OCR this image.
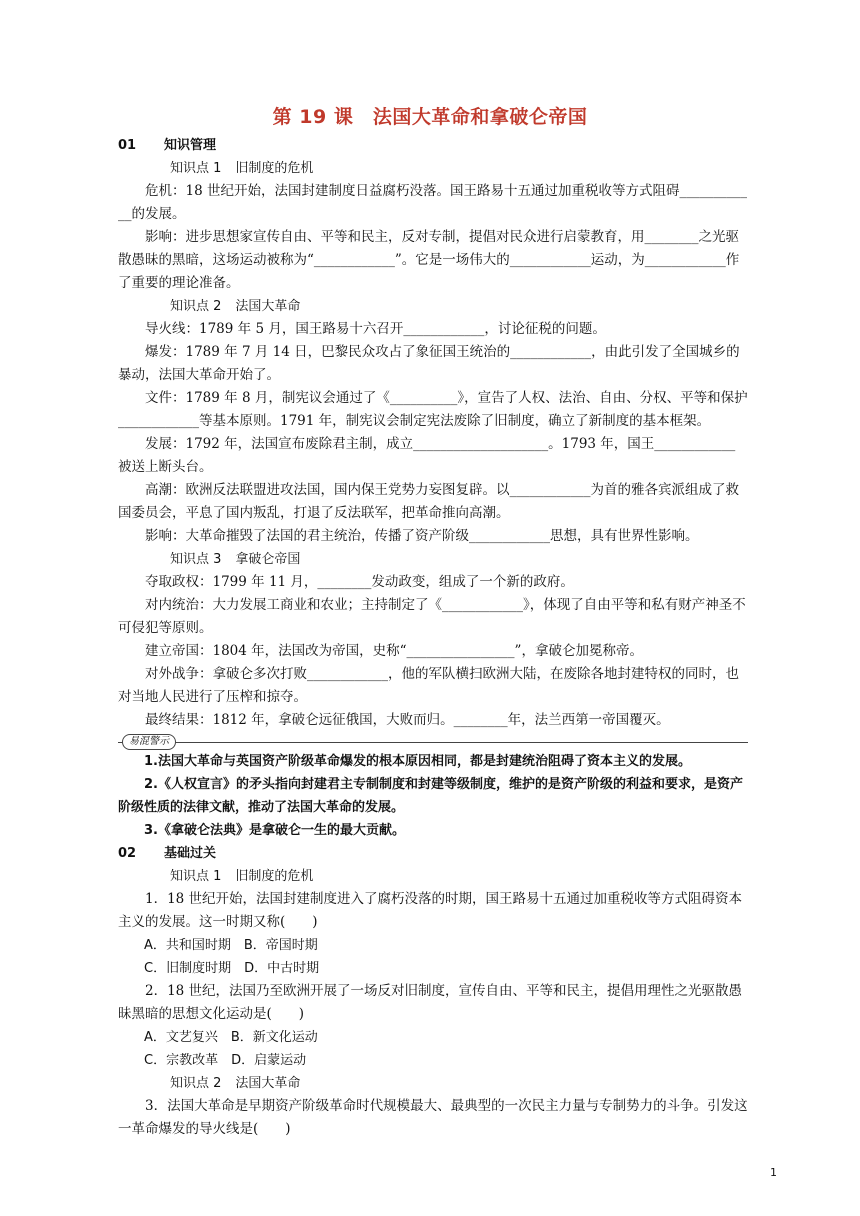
第 19 课　法国大革命和拿破仑帝国

01 知识管理

知识点 1 旧制度的危机

危机：18 世纪开始，法国封建制度日益腐朽没落。国王路易十五通过加重税收等方式阻碍____________的发展。

影响：进步思想家宣传自由、平等和民主，反对专制，提倡对民众进行启蒙教育，用________之光驱散愚昧的黑暗，这场运动被称为“____________”。它是一场伟大的____________运动，为____________作了重要的理论准备。

知识点 2 法国大革命

导火线：1789 年 5 月，国王路易十六召开____________，讨论征税的问题。

爆发：1789 年 7 月 14 日，巴黎民众攻占了象征国王统治的____________，由此引发了全国城乡的暴动，法国大革命开始了。

文件：1789 年 8 月，制宪议会通过了《__________》，宣告了人权、法治、自由、分权、平等和保护____________等基本原则。1791 年，制宪议会制定宪法废除了旧制度，确立了新制度的基本框架。

发展：1792 年，法国宣布废除君主制，成立____________________。1793 年，国王____________被送上断头台。

高潮：欧洲反法联盟进攻法国，国内保王党势力妄图复辟。以____________为首的雅各宾派组成了救国委员会，平息了国内叛乱，打退了反法联军，把革命推向高潮。

影响：大革命摧毁了法国的君主统治，传播了资产阶级____________思想，具有世界性影响。

知识点 3 拿破仑帝国

夺取政权：1799 年 11 月，________发动政变，组成了一个新的政府。

对内统治：大力发展工商业和农业；主持制定了《____________》，体现了自由平等和私有财产神圣不可侵犯等原则。

建立帝国：1804 年，法国改为帝国，史称“________________”，拿破仑加冕称帝。

对外战争：拿破仑多次打败____________，他的军队横扫欧洲大陆，在废除各地封建特权的同时，也对当地人民进行了压榨和掠夺。

最终结果：1812 年，拿破仑远征俄国，大败而归。________年，法兰西第一帝国覆灭。

易混警示

1.法国大革命与英国资产阶级革命爆发的根本原因相同，都是封建统治阻碍了资本主义的发展。

2.《人权宣言》的矛头指向封建君主专制制度和封建等级制度，维护的是资产阶级的利益和要求，是资产阶级性质的法律文献，推动了法国大革命的发展。

3.《拿破仑法典》是拿破仑一生的最大贡献。

02 基础过关

知识点 1 旧制度的危机

1．18 世纪开始，法国封建制度进入了腐朽没落的时期，国王路易十五通过加重税收等方式阻碍资本主义的发展。这一时期又称(　　)

A．共和国时期　B．帝国时期

C．旧制度时期　D．中古时期

2．18 世纪，法国乃至欧洲开展了一场反对旧制度，宣传自由、平等和民主，提倡用理性之光驱散愚昧黑暗的思想文化运动是(　　)

A．文艺复兴　B．新文化运动

C．宗教改革　D．启蒙运动

知识点 2 法国大革命

3．法国大革命是早期资产阶级革命时代规模最大、最典型的一次民主力量与专制势力的斗争。引发这一革命爆发的导火线是(　　)

1
